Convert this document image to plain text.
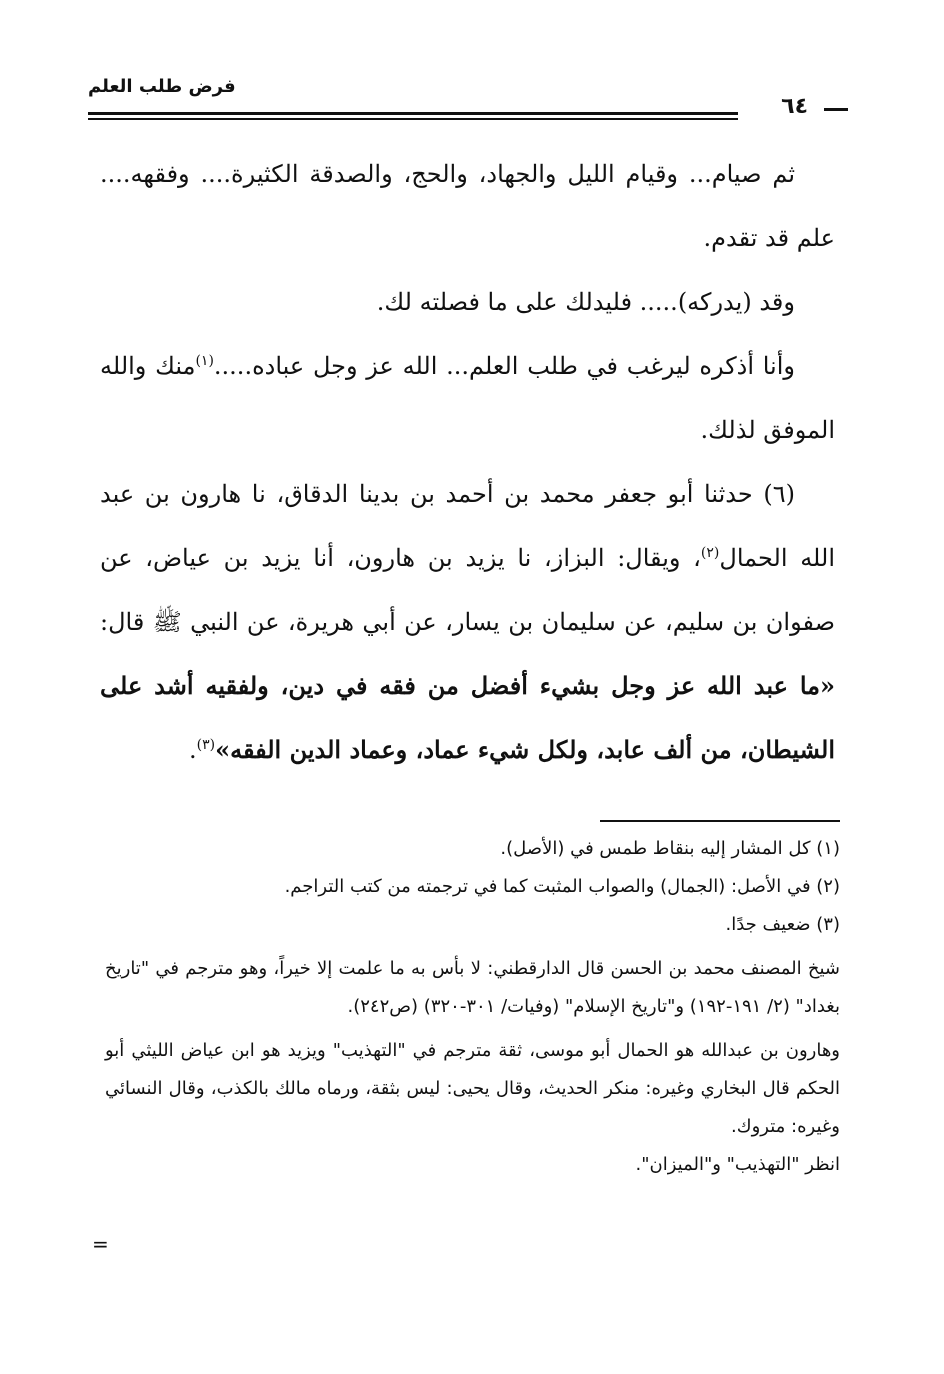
فرض طلب العلم
٦٤

ثم صيام... وقيام الليل والجهاد، والحج، والصدقة الكثيرة.... وفقهه.... علم قد تقدم.

وقد (يدركه)..... فليدلك على ما فصلته لك.

وأنا أذكره ليرغب في طلب العلم... الله عز وجل عباده.....$^{(١)}$منك والله الموفق لذلك.

(٦) حدثنا أبو جعفر محمد بن أحمد بن بدينا الدقاق، نا هارون بن عبد الله الحمال$^{(٢)}$، ويقال: البزاز، نا يزيد بن هارون، أنا يزيد بن عياض، عن صفوان بن سليم، عن سليمان بن يسار، عن أبي هريرة، عن النبي ﷺ قال: «ما عبد الله عز وجل بشيء أفضل من فقه في دين، ولفقيه أشد على الشيطان، من ألف عابد، ولكل شيء عماد، وعماد الدين الفقه»$^{(٣)}$.

(١) كل المشار إليه بنقاط طمس في (الأصل).

(٢) في الأصل: (الجمال) والصواب المثبت كما في ترجمته من كتب التراجم.

(٣) ضعيف جدًا.

شيخ المصنف محمد بن الحسن قال الدارقطني: لا بأس به ما علمت إلا خيراً، وهو مترجم في "تاريخ بغداد" (٢/ ١٩١-١٩٢) و"تاريخ الإسلام" (وفيات/ ٣٠١-٣٢٠) (ص٢٤٢).

وهارون بن عبدالله هو الحمال أبو موسى، ثقة مترجم في "التهذيب" ويزيد هو ابن عياض الليثي أبو الحكم قال البخاري وغيره: منكر الحديث، وقال يحيى: ليس بثقة، ورماه مالك بالكذب، وقال النسائي وغيره: متروك.

انظر "التهذيب" و"الميزان".

=
